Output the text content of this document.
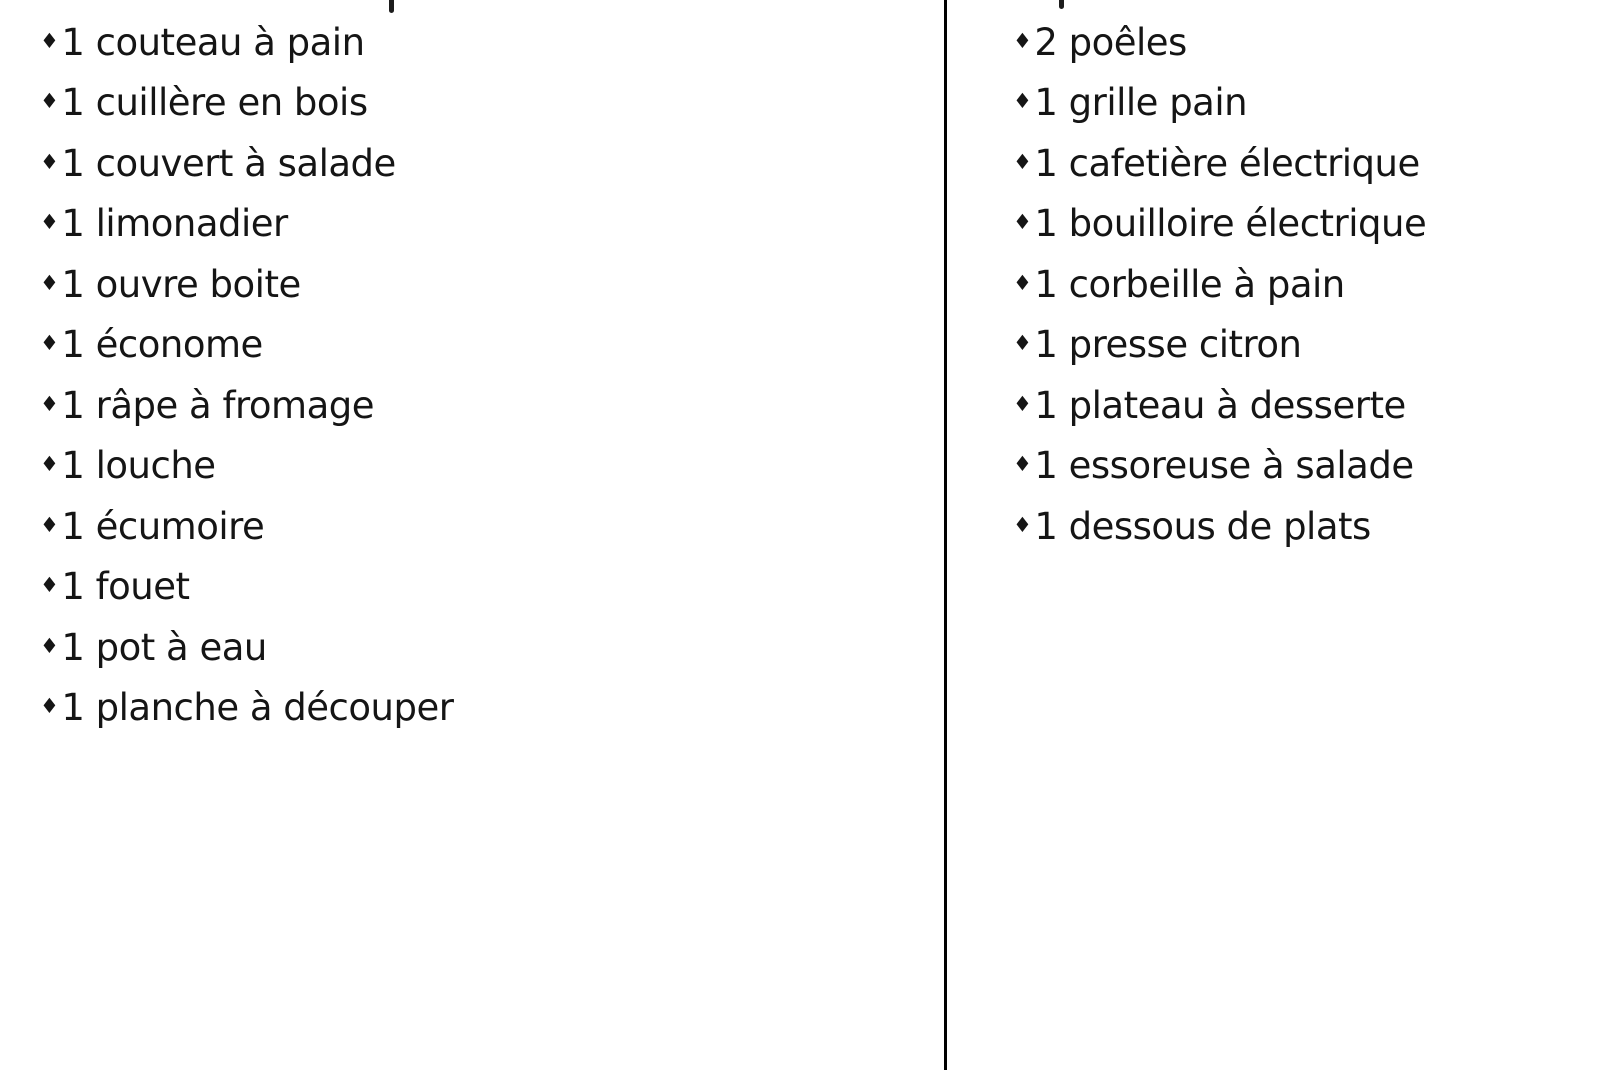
♦ 1 couteau à pain
♦ 1 cuillère en bois
♦ 1 couvert à salade
♦ 1 limonadier
♦ 1 ouvre boite
♦ 1 économe
♦ 1 râpe à fromage
♦ 1 louche
♦ 1 écumoire
♦ 1 fouet
♦ 1 pot à eau
♦ 1 planche à découper
♦ 2 poêles
♦ 1 grille pain
♦ 1 cafetière électrique
♦ 1 bouilloire électrique
♦ 1 corbeille à pain
♦ 1 presse citron
♦ 1 plateau à desserte
♦ 1 essoreuse à salade
♦ 1 dessous de plats
